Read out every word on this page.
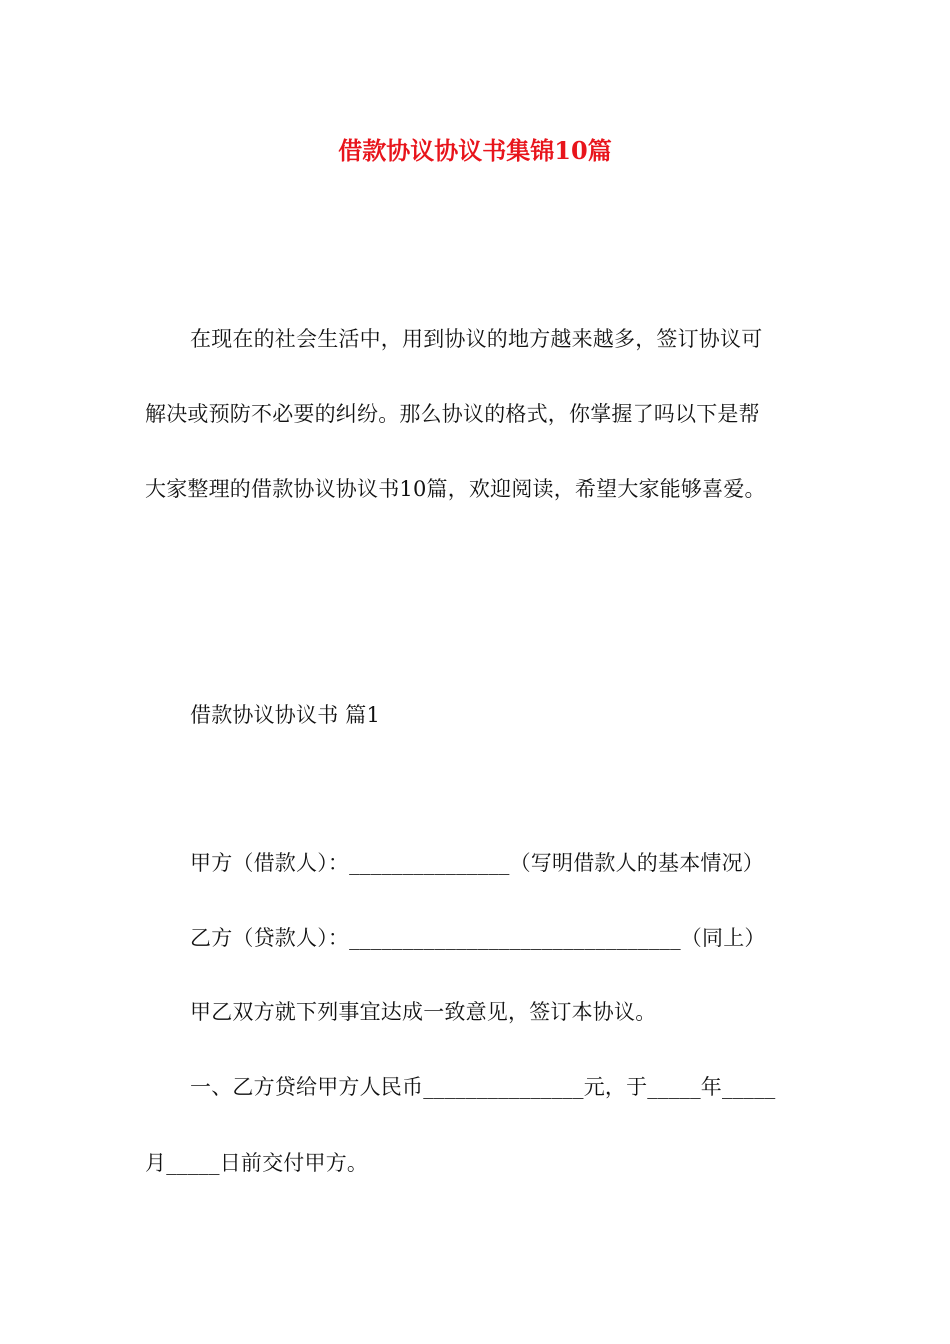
借款协议协议书集锦10篇
在现在的社会生活中，用到协议的地方越来越多，签订协议可
解决或预防不必要的纠纷。那么协议的格式，你掌握了吗以下是帮
大家整理的借款协议协议书10篇，欢迎阅读，希望大家能够喜爱。
借款协议协议书 篇1
甲方（借款人）：_______________（写明借款人的基本情况）
乙方（贷款人）：_______________________________（同上）
甲乙双方就下列事宜达成一致意见，签订本协议。
一、乙方贷给甲方人民币_______________元，于_____年_____
月_____日前交付甲方。
